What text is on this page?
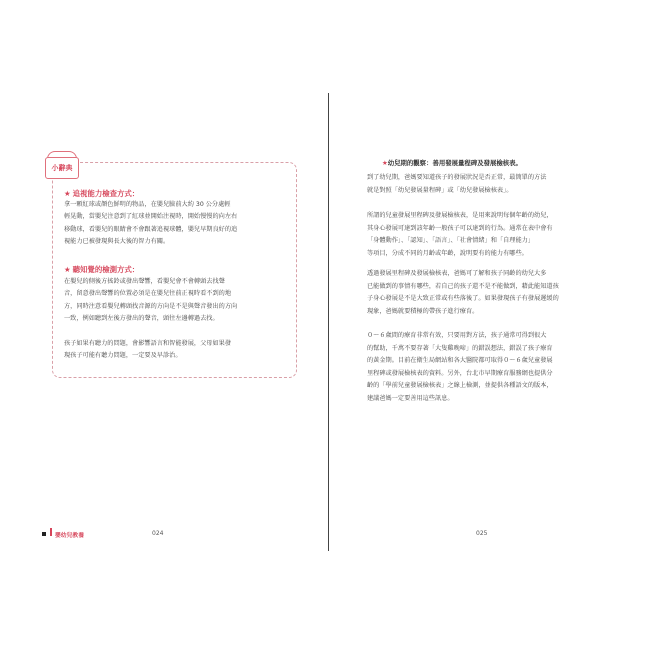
小辭典
★ 追視能力檢查方式：
拿一顆紅球或顏色鮮明的物品，在嬰兒臉前大約 30 公分處輕
輕晃動，當嬰兒注意到了紅球並開始注視時，開始慢慢的向左右
移動球，看嬰兒的眼睛會不會跟著追視球體，嬰兒早期良好的追
視能力已被發現與長大後的智力有關。
★ 聽知覺的檢測方式：
在嬰兒的側後方搖鈴或發出聲響，看嬰兒會不會轉頭去找聲
音，留意發出聲響的位置必須是在嬰兒往前正視時看不到的地
方，同時注意看嬰兒轉頭找音源的方向是不是與聲音發出的方向
一致，例如聽到左後方發出的聲音，頭往左邊轉過去找。
孩子如果有聽力的問題，會影響語言和智能發展，父母如果發
現孩子可能有聽力問題，一定要及早診治。
嬰幼兒教養	024
★幼兒期的觀察：善用發展量程碑及發展檢核表。
到了幼兒期，爸媽要知道孩子的發展狀況是否正常，最簡單的方法
就是對照「幼兒發展量程碑」或「幼兒發展檢核表」。
所謂的兒童發展里程碑及發展檢核表，是用來說明每個年齡的幼兒，
其身心發展可達到該年齡一般孩子可以達到的行為。通常在表中會有
「身體動作」、「認知」、「語言」、「社會情緒」和「自理能力」
等項目，分成不同的月齡或年齡，說明要有的能力有哪些。
透過發展里程碑及發展檢核表，爸媽可了解和孩子同齡的幼兒大多
已能做到的事情有哪些，若自己的孩子還不是不能做到，藉此能知道孩
子身心發展是不是大致正常或有些落後了。如果發現孩子有發展遲緩的
現象，爸媽就要積極的帶孩子進行療育。
０～６歲間的療育非常有效，只要用對方法，孩子通常可得到很大
的幫助，千萬不要存著「大隻雞晚啼」的錯誤想法，錯誤了孩子療育
的黃金期。目前在衛生局網站和各大醫院都可取得０～６歲兒童發展
里程碑或發展檢核表的資料。另外，台北市早期療育服務網也提供分
齡的「學前兒童發展檢核表」之線上檢測，並提供各種語文的版本，
建議爸媽一定要善用這些訊息。
025
